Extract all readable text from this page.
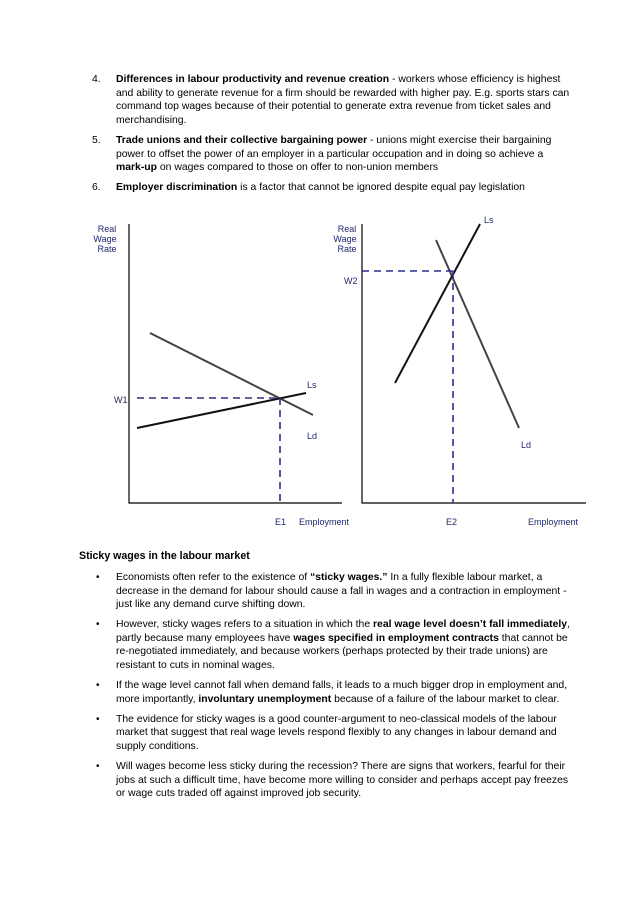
4. Differences in labour productivity and revenue creation - workers whose efficiency is highest and ability to generate revenue for a firm should be rewarded with higher pay. E.g. sports stars can command top wages because of their potential to generate extra revenue from ticket sales and merchandising.
5. Trade unions and their collective bargaining power - unions might exercise their bargaining power to offset the power of an employer in a particular occupation and in doing so achieve a mark-up on wages compared to those on offer to non-union members
6. Employer discrimination is a factor that cannot be ignored despite equal pay legislation
Real
Wage
Rate
Ls
Ld
W1
E1 Employment
Real
Wage
Rate
Ls
Ld
W2
E2	Employment
Sticky wages in the labour market
• Economists often refer to the existence of “sticky wages.” In a fully flexible labour market, a decrease in the demand for labour should cause a fall in wages and a contraction in employment - just like any demand curve shifting down.
• However, sticky wages refers to a situation in which the real wage level doesn’t fall immediately, partly because many employees have wages specified in employment contracts that cannot be re-negotiated immediately, and because workers (perhaps protected by their trade unions) are resistant to cuts in nominal wages.
• If the wage level cannot fall when demand falls, it leads to a much bigger drop in employment and, more importantly, involuntary unemployment because of a failure of the labour market to clear.
• The evidence for sticky wages is a good counter-argument to neo-classical models of the labour market that suggest that real wage levels respond flexibly to any changes in labour demand and supply conditions.
• Will wages become less sticky during the recession? There are signs that workers, fearful for their jobs at such a difficult time, have become more willing to consider and perhaps accept pay freezes or wage cuts traded off against improved job security.
